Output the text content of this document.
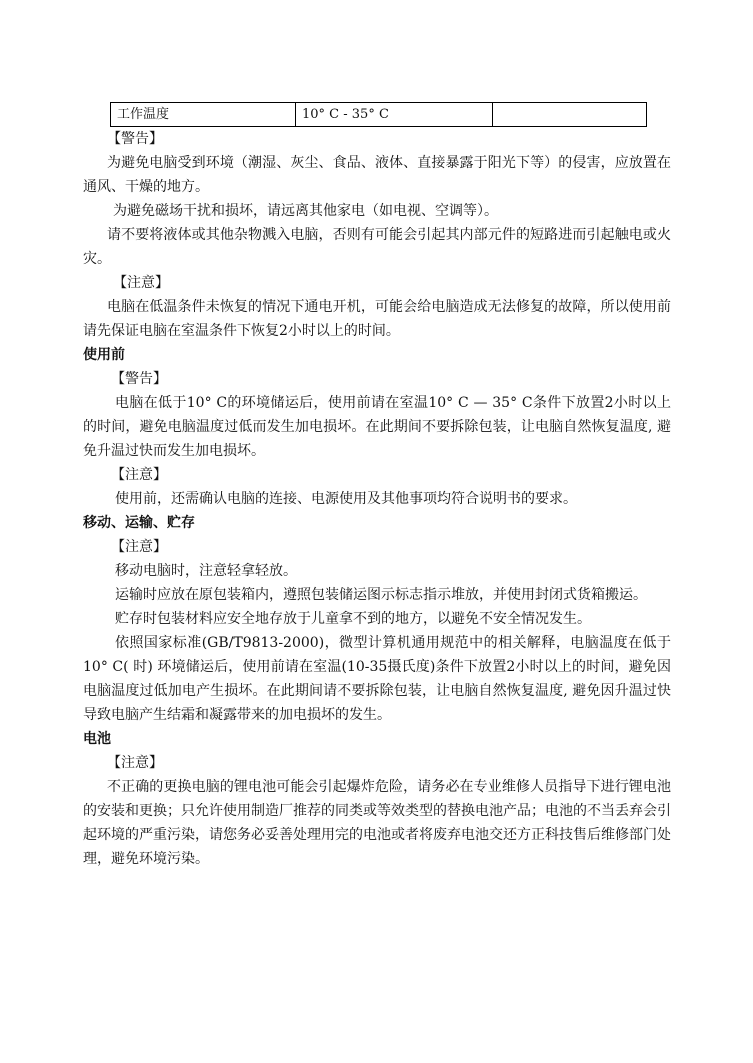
工作温度	10° C - 35° C	

【警告】

为避免电脑受到环境（潮湿、灰尘、食品、液体、直接暴露于阳光下等）的侵害，应放置在通风、干燥的地方。

为避免磁场干扰和损坏，请远离其他家电（如电视、空调等）。

请不要将液体或其他杂物溅入电脑，否则有可能会引起其内部元件的短路进而引起触电或火灾。

【注意】

电脑在低温条件未恢复的情况下通电开机，可能会给电脑造成无法修复的故障，所以使用前请先保证电脑在室温条件下恢复2小时以上的时间。

使用前

【警告】

电脑在低于10° C的环境储运后，使用前请在室温10° C — 35° C条件下放置2小时以上的时间，避免电脑温度过低而发生加电损坏。在此期间不要拆除包装，让电脑自然恢复温度, 避免升温过快而发生加电损坏。

【注意】

使用前，还需确认电脑的连接、电源使用及其他事项均符合说明书的要求。

移动、运输、贮存

【注意】

移动电脑时，注意轻拿轻放。

运输时应放在原包装箱内，遵照包装储运图示标志指示堆放，并使用封闭式货箱搬运。

贮存时包装材料应安全地存放于儿童拿不到的地方，以避免不安全情况发生。

依照国家标准(GB/T9813-2000)，微型计算机通用规范中的相关解释，电脑温度在低于10° C( 时) 环境储运后，使用前请在室温(10-35摄氏度)条件下放置2小时以上的时间，避免因电脑温度过低加电产生损坏。在此期间请不要拆除包装，让电脑自然恢复温度, 避免因升温过快导致电脑产生结霜和凝露带来的加电损坏的发生。

电池

【注意】

不正确的更换电脑的锂电池可能会引起爆炸危险，请务必在专业维修人员指导下进行锂电池的安装和更换；只允许使用制造厂推荐的同类或等效类型的替换电池产品；电池的不当丢弃会引起环境的严重污染，请您务必妥善处理用完的电池或者将废弃电池交还方正科技售后维修部门处理，避免环境污染。
